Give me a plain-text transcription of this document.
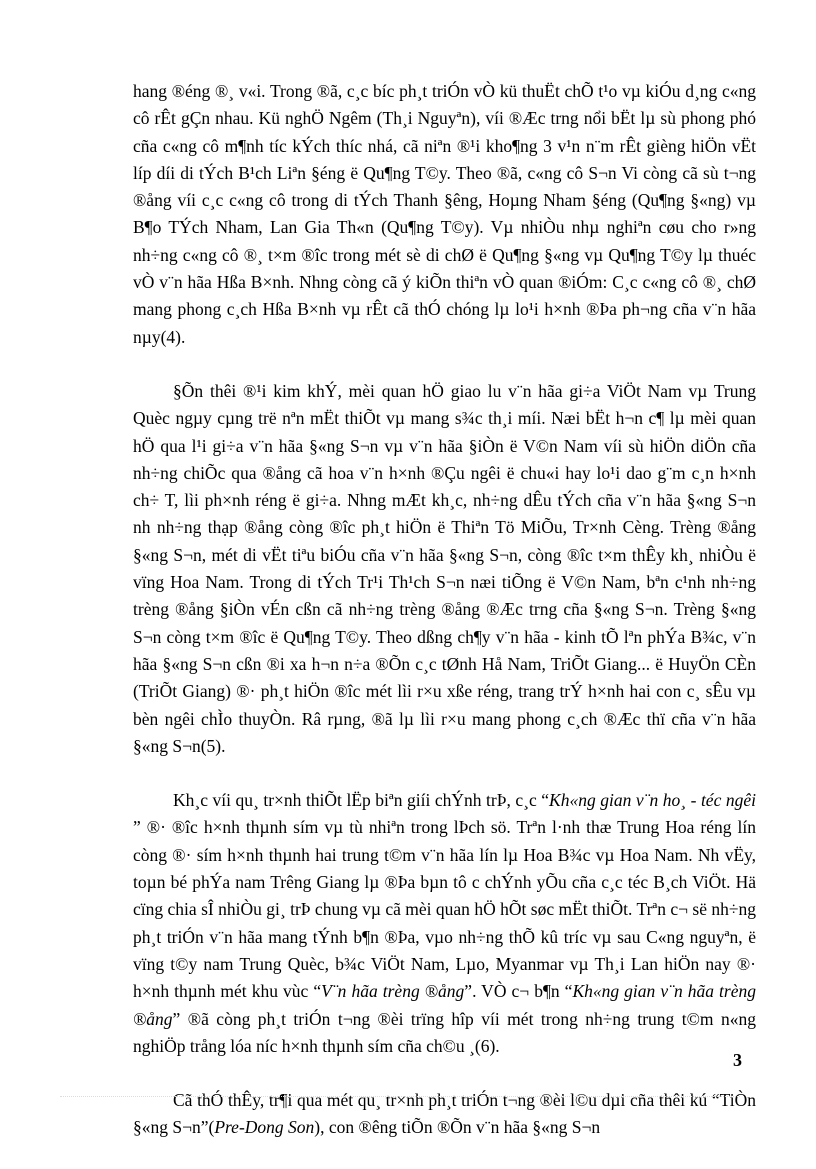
hang ®éng ®¸ v«i. Trong ®ã, c¸c bíc ph¸t triÓn vÒ kü thuËt chÕ t¹o vµ kiÓu d¸ng c«ng cô rÊt gÇn nhau. Kü nghÖ Ngêm (Th¸i Nguyªn), víi ®Æc trng nổi bËt lµ sù phong phó cña c«ng cô m¶nh tíc kÝch thíc nhá, cã niªn ®¹i kho¶ng 3 v¹n n¨m rÊt gièng hiÖn vËt líp díi di tÝch B¹ch Liªn §éng ë Qu¶ng T©y. Theo ®ã, c«ng cô S¬n Vi còng cã sù t¬ng ®ång víi c¸c c«ng cô trong di tÝch Thanh §êng, Hoµng Nham §éng (Qu¶ng §«ng) vµ B¶o TÝch Nham, Lan Gia Th«n (Qu¶ng T©y). Vµ nhiÒu nhµ nghiªn cøu cho r»ng nh÷ng c«ng cô ®¸ t×m ®îc trong mét sè di chØ ë Qu¶ng §«ng vµ Qu¶ng T©y lµ thuéc vÒ v¨n hãa Hßa B×nh. Nhng còng cã ý kiÕn thiªn vÒ quan ®iÓm: C¸c c«ng cô ®¸ chØ mang phong c¸ch Hßa B×nh vµ rÊt cã thÓ chóng lµ lo¹i h×nh ®Þa ph¬ng cña v¨n hãa nµy(4).

§Õn thêi ®¹i kim khÝ, mèi quan hÖ giao lu v¨n hãa gi÷a ViÖt Nam vµ Trung Quèc ngµy cµng trë nªn mËt thiÕt vµ mang s¾c th¸i míi. Næi bËt h¬n c¶ lµ mèi quan hÖ qua l¹i gi÷a v¨n hãa §«ng S¬n vµ v¨n hãa §iÒn ë V©n Nam víi sù hiÖn diÖn cña nh÷ng chiÕc qua ®ång cã hoa v¨n h×nh ®Çu ngêi ë chu«i hay lo¹i dao g¨m c¸n h×nh ch÷ T, lìi ph×nh réng ë gi÷a. Nhng mÆt kh¸c, nh÷ng dÊu tÝch cña v¨n hãa §«ng S¬n nh nh÷ng thạp ®ång còng ®îc ph¸t hiÖn ë Thiªn Tö MiÕu, Tr×nh Cèng. Trèng ®ång §«ng S¬n, mét di vËt tiªu biÓu cña v¨n hãa §«ng S¬n, còng ®îc t×m thÊy kh¸ nhiÒu ë vïng Hoa Nam. Trong di tÝch Tr¹i Th¹ch S¬n næi tiÕng ë V©n Nam, bªn c¹nh nh÷ng trèng ®ång §iÒn vÉn cßn cã nh÷ng trèng ®ång ®Æc trng cña §«ng S¬n. Trèng §«ng S¬n còng t×m ®îc ë Qu¶ng T©y. Theo dßng ch¶y v¨n hãa - kinh tÕ lªn phÝa B¾c, v¨n hãa §«ng S¬n cßn ®i xa h¬n n÷a ®Õn c¸c tØnh Hå Nam, TriÕt Giang... ë HuyÖn CÈn (TriÕt Giang) ®· ph¸t hiÖn ®îc mét lìi r×u xße réng, trang trÝ h×nh hai con c¸ sÊu vµ bèn ngêi chÌo thuyÒn. Râ rµng, ®ã lµ lìi r×u mang phong c¸ch ®Æc thï cña v¨n hãa §«ng S¬n(5).

Kh¸c víi qu¸ tr×nh thiÕt lËp biªn giíi chÝnh trÞ, c¸c “Kh«ng gian v¨n ho¸ - téc ngêi ” ®· ®îc h×nh thµnh sím vµ tù nhiªn trong lÞch sö. Trªn l·nh thæ Trung Hoa réng lín còng ®· sím h×nh thµnh hai trung t©m v¨n hãa lín lµ Hoa B¾c vµ Hoa Nam. Nh vËy, toµn bé phÝa nam Trêng Giang lµ ®Þa bµn tô c chÝnh yÕu cña c¸c téc B¸ch ViÖt. Hä cïng chia sÎ nhiÒu gi¸ trÞ chung vµ cã mèi quan hÖ hÕt søc mËt thiÕt. Trªn c¬ së nh÷ng ph¸t triÓn v¨n hãa mang tÝnh b¶n ®Þa, vµo nh÷ng thÕ kû tríc vµ sau C«ng nguyªn, ë vïng t©y nam Trung Quèc, b¾c ViÖt Nam, Lµo, Myanmar vµ Th¸i Lan hiÖn nay ®· h×nh thµnh mét khu vùc “V¨n hãa trèng ®ång”. VÒ c¬ b¶n “Kh«ng gian v¨n hãa trèng ®ång” ®ã còng ph¸t triÓn t¬ng ®èi trïng hîp víi mét trong nh÷ng trung t©m n«ng nghiÖp trång lóa níc h×nh thµnh sím cña ch©u ¸(6).

Cã thÓ thÊy, tr¶i qua mét qu¸ tr×nh ph¸t triÓn t¬ng ®èi l©u dµi cña thêi kú “TiÒn §«ng S¬n”(Pre-Dong Son), con ®êng tiÕn ®Õn v¨n hãa §«ng S¬n

3
